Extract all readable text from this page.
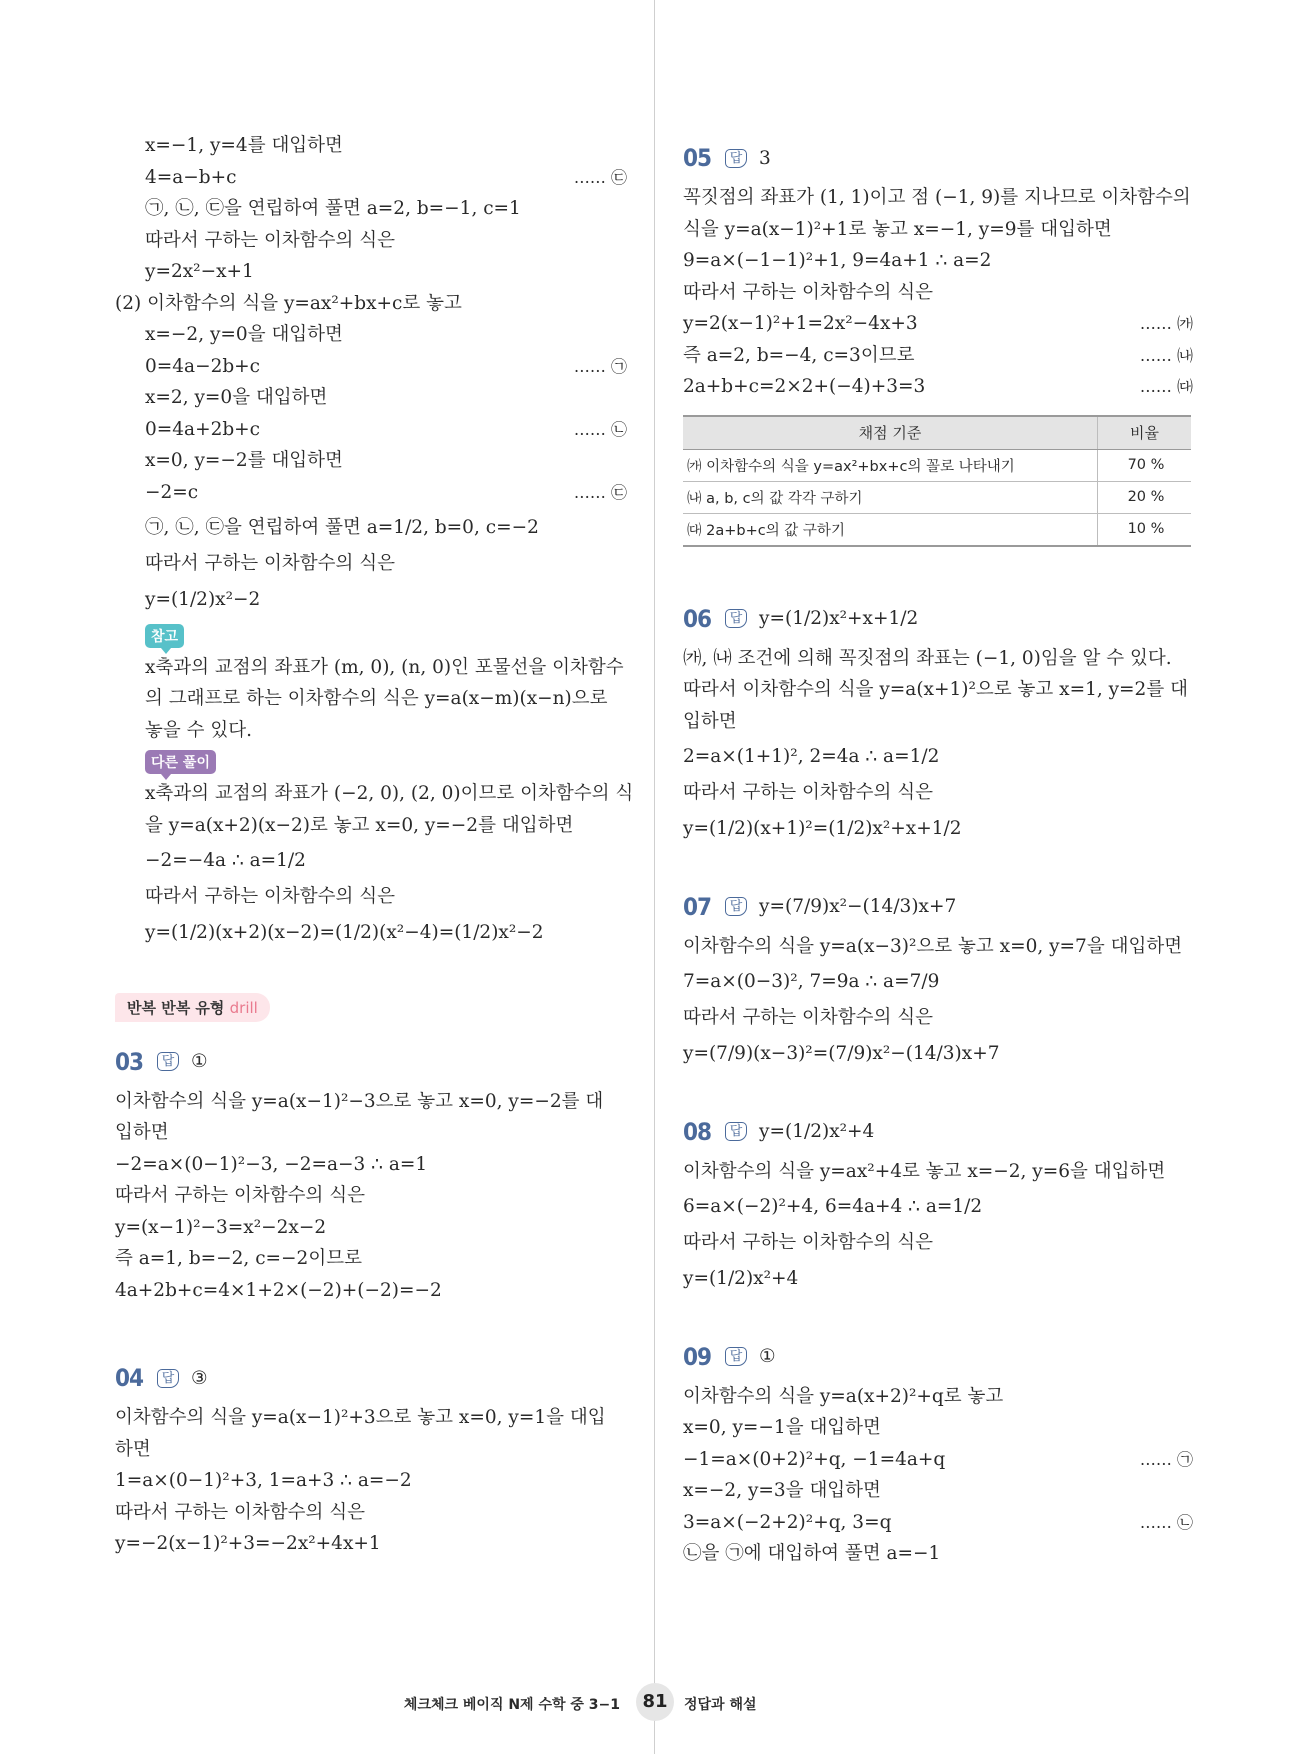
x=−1, y=4를 대입하면
4=a−b+c …… ㉢
㉠, ㉡, ㉢을 연립하여 풀면 a=2, b=−1, c=1
따라서 구하는 이차함수의 식은
y=2x²−x+1
(2) 이차함수의 식을 y=ax²+bx+c로 놓고
x=−2, y=0을 대입하면
0=4a−2b+c …… ㉠
x=2, y=0을 대입하면
0=4a+2b+c …… ㉡
x=0, y=−2를 대입하면
−2=c …… ㉢
㉠, ㉡, ㉢을 연립하여 풀면 a=1/2, b=0, c=−2
따라서 구하는 이차함수의 식은
y=(1/2)x²−2
참고
x축과의 교점의 좌표가 (m, 0), (n, 0)인 포물선을 이차함수
의 그래프로 하는 이차함수의 식은 y=a(x−m)(x−n)으로
놓을 수 있다.
다른 풀이
x축과의 교점의 좌표가 (−2, 0), (2, 0)이므로 이차함수의 식
을 y=a(x+2)(x−2)로 놓고 x=0, y=−2를 대입하면
−2=−4a ∴ a=1/2
따라서 구하는 이차함수의 식은
y=(1/2)(x+2)(x−2)=(1/2)(x²−4)=(1/2)x²−2
반복 반복 유형 drill
03	답 ①
이차함수의 식을 y=a(x−1)²−3으로 놓고 x=0, y=−2를 대
입하면
−2=a×(0−1)²−3, −2=a−3 ∴ a=1
따라서 구하는 이차함수의 식은
y=(x−1)²−3=x²−2x−2
즉 a=1, b=−2, c=−2이므로
4a+2b+c=4×1+2×(−2)+(−2)=−2
04	답 ③
이차함수의 식을 y=a(x−1)²+3으로 놓고 x=0, y=1을 대입
하면
1=a×(0−1)²+3, 1=a+3 ∴ a=−2
따라서 구하는 이차함수의 식은
y=−2(x−1)²+3=−2x²+4x+1
05	답 3
꼭짓점의 좌표가 (1, 1)이고 점 (−1, 9)를 지나므로 이차함수의
식을 y=a(x−1)²+1로 놓고 x=−1, y=9를 대입하면
9=a×(−1−1)²+1, 9=4a+1 ∴ a=2
따라서 구하는 이차함수의 식은
y=2(x−1)²+1=2x²−4x+3 …… ㈎
즉 a=2, b=−4, c=3이므로 …… ㈏
2a+b+c=2×2+(−4)+3=3 …… ㈐
채점 기준	비율
㈎ 이차함수의 식을 y=ax²+bx+c의 꼴로 나타내기	70 %
㈏ a, b, c의 값 각각 구하기	20 %
㈐ 2a+b+c의 값 구하기	10 %
06	답 y=(1/2)x²+x+1/2
㈎, ㈏ 조건에 의해 꼭짓점의 좌표는 (−1, 0)임을 알 수 있다.
따라서 이차함수의 식을 y=a(x+1)²으로 놓고 x=1, y=2를 대
입하면
2=a×(1+1)², 2=4a ∴ a=1/2
따라서 구하는 이차함수의 식은
y=(1/2)(x+1)²=(1/2)x²+x+1/2
07	답 y=(7/9)x²−(14/3)x+7
이차함수의 식을 y=a(x−3)²으로 놓고 x=0, y=7을 대입하면
7=a×(0−3)², 7=9a ∴ a=7/9
따라서 구하는 이차함수의 식은
y=(7/9)(x−3)²=(7/9)x²−(14/3)x+7
08	답 y=(1/2)x²+4
이차함수의 식을 y=ax²+4로 놓고 x=−2, y=6을 대입하면
6=a×(−2)²+4, 6=4a+4 ∴ a=1/2
따라서 구하는 이차함수의 식은
y=(1/2)x²+4
09	답 ①
이차함수의 식을 y=a(x+2)²+q로 놓고
x=0, y=−1을 대입하면
−1=a×(0+2)²+q, −1=4a+q …… ㉠
x=−2, y=3을 대입하면
3=a×(−2+2)²+q, 3=q …… ㉡
㉡을 ㉠에 대입하여 풀면 a=−1
체크체크 베이직 N제 수학 중 3−1	81	정답과 해설
